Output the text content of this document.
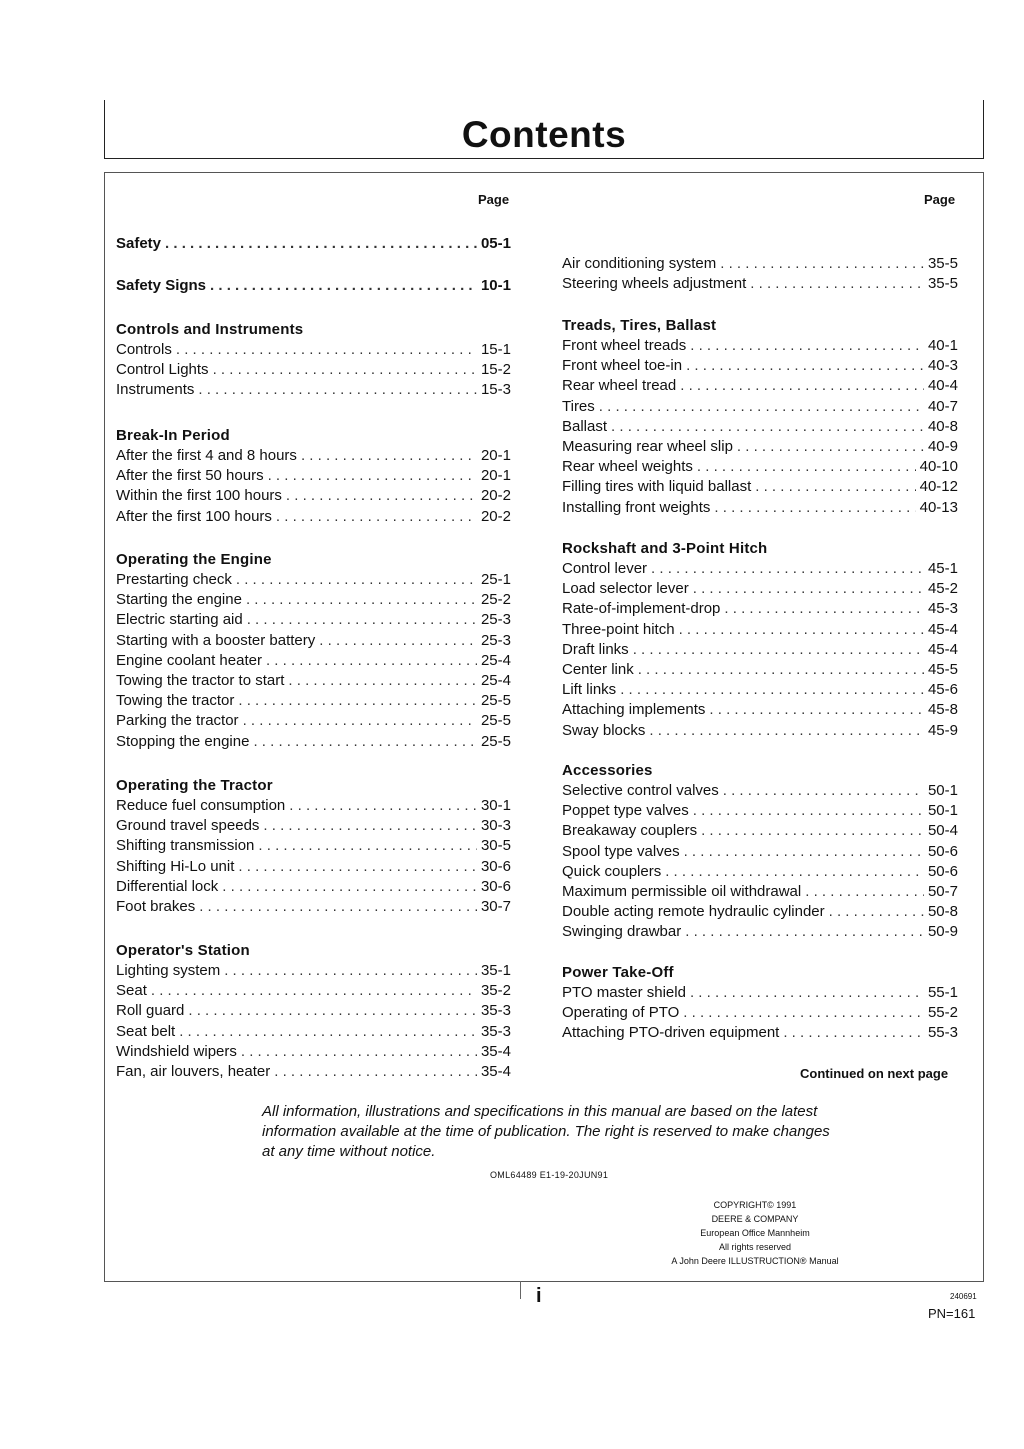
Contents
Page	Page
Safety . . .	05-1
Safety Signs . . .	10-1
Controls and Instruments
Controls . . .	15-1
Control Lights . . .	15-2
Instruments . . .	15-3
Break-In Period
After the first 4 and 8 hours . . .	20-1
After the first 50 hours . . .	20-1
Within the first 100 hours . . .	20-2
After the first 100 hours . . .	20-2
Operating the Engine
Prestarting check . . .	25-1
Starting the engine . . .	25-2
Electric starting aid . . .	25-3
Starting with a booster battery . . .	25-3
Engine coolant heater . . .	25-4
Towing the tractor to start . . .	25-4
Towing the tractor . . .	25-5
Parking the tractor . . .	25-5
Stopping the engine . . .	25-5
Operating the Tractor
Reduce fuel consumption . . .	30-1
Ground travel speeds . . .	30-3
Shifting transmission . . .	30-5
Shifting Hi-Lo unit . . .	30-6
Differential lock . . .	30-6
Foot brakes . . .	30-7
Operator's Station
Lighting system . . .	35-1
Seat . . .	35-2
Roll guard . . .	35-3
Seat belt . . .	35-3
Windshield wipers . . .	35-4
Fan, air louvers, heater . . .	35-4
Air conditioning system . . .	35-5
Steering wheels adjustment . . .	35-5
Treads, Tires, Ballast
Front wheel treads . . .	40-1
Front wheel toe-in . . .	40-3
Rear wheel tread . . .	40-4
Tires . . .	40-7
Ballast . . .	40-8
Measuring rear wheel slip . . .	40-9
Rear wheel weights . . .	40-10
Filling tires with liquid ballast . . .	40-12
Installing front weights . . .	40-13
Rockshaft and 3-Point Hitch
Control lever . . .	45-1
Load selector lever . . .	45-2
Rate-of-implement-drop . . .	45-3
Three-point hitch . . .	45-4
Draft links . . .	45-4
Center link . . .	45-5
Lift links . . .	45-6
Attaching implements . . .	45-8
Sway blocks . . .	45-9
Accessories
Selective control valves . . .	50-1
Poppet type valves . . .	50-1
Breakaway couplers . . .	50-4
Spool type valves . . .	50-6
Quick couplers . . .	50-6
Maximum permissible oil withdrawal . . .	50-7
Double acting remote hydraulic cylinder . . .	50-8
Swinging drawbar . . .	50-9
Power Take-Off
PTO master shield . . .	55-1
Operating of PTO . . .	55-2
Attaching PTO-driven equipment . . .	55-3
Continued on next page
All information, illustrations and specifications in this manual are based on the latest information available at the time of publication. The right is reserved to make changes at any time without notice.
OML64489 E1-19-20JUN91
COPYRIGHT© 1991
DEERE & COMPANY
European Office Mannheim
All rights reserved
A John Deere ILLUSTRUCTION® Manual
i	240691
PN=161
